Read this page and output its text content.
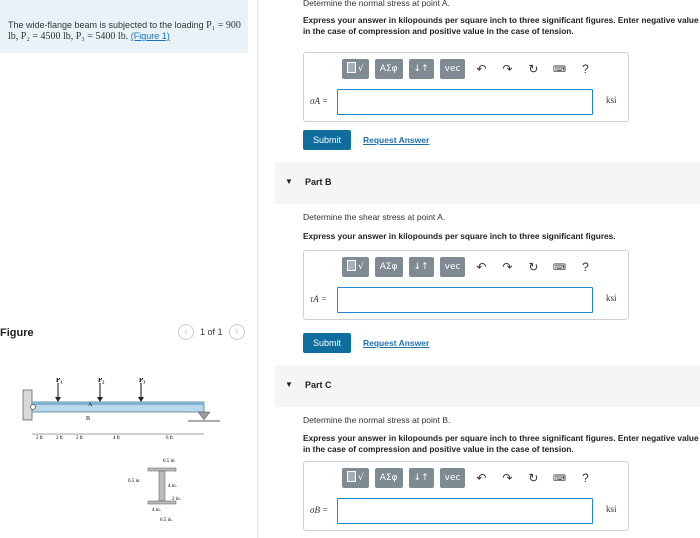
The wide-flange beam is subjected to the loading P₁ = 900 lb, P₂ = 4500 lb, P₃ = 5400 lb. (Figure 1)
Figure	‹	1 of 1	›
P₁	P₂	P₃
A
B
2 ft	2 ft	2 ft	4 ft	6 ft
0.5 in.
0.5 in.
4 in.
2 in.
4 in.
0.5 in.
Determine the normal stress at point A.
Express your answer in kilopounds per square inch to three significant figures. Enter negative value in the case of compression and positive value in the case of tension.
√	ΑΣφ	↓↑	vec	↶	↷	↻	⌨	?
σA =	ksi
Submit	Request Answer
▼ Part B
Determine the shear stress at point A.
Express your answer in kilopounds per square inch to three significant figures.
√	ΑΣφ	↓↑	vec	↶	↷	↻	⌨	?
τA =	ksi
Submit	Request Answer
▼ Part C
Determine the normal stress at point B.
Express your answer in kilopounds per square inch to three significant figures. Enter negative value in the case of compression and positive value in the case of tension.
√	ΑΣφ	↓↑	vec	↶	↷	↻	⌨	?
σB =	ksi
